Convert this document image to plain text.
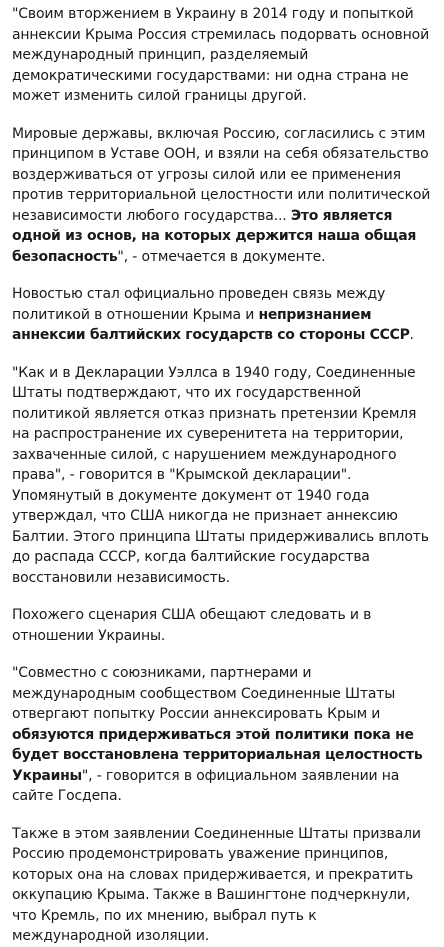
"Своим вторжением в Украину в 2014 году и попыткой аннексии Крыма Россия стремилась подорвать основной международный принцип, разделяемый демократическими государствами: ни одна страна не может изменить силой границы другой.

Мировые державы, включая Россию, согласились с этим принципом в Уставе ООН, и взяли на себя обязательство воздерживаться от угрозы силой или ее применения против территориальной целостности или политической независимости любого государства... Это является одной из основ, на которых держится наша общая безопасность", - отмечается в документе.

Новостью стал официально проведен связь между политикой в отношении Крыма и непризнанием аннексии балтийских государств со стороны СССР.

"Как и в Декларации Уэллса в 1940 году, Соединенные Штаты подтверждают, что их государственной политикой является отказ признать претензии Кремля на распространение их суверенитета на территории, захваченные силой, с нарушением международного права", - говорится в "Крымской декларации". Упомянутый в документе документ от 1940 года утверждал, что США никогда не признает аннексию Балтии. Этого принципа Штаты придерживались вплоть до распада СССР, когда балтийские государства восстановили независимость.

Похожего сценария США обещают следовать и в отношении Украины.

"Совместно с союзниками, партнерами и международным сообществом Соединенные Штаты отвергают попытку России аннексировать Крым и обязуются придерживаться этой политики пока не будет восстановлена территориальная целостность Украины", - говорится в официальном заявлении на сайте Госдепа.

Также в этом заявлении Соединенные Штаты призвали Россию продемонстрировать уважение принципов, которых она на словах придерживается, и прекратить оккупацию Крыма. Также в Вашингтоне подчеркнули, что Кремль, по их мнению, выбрал путь к международной изоляции.
